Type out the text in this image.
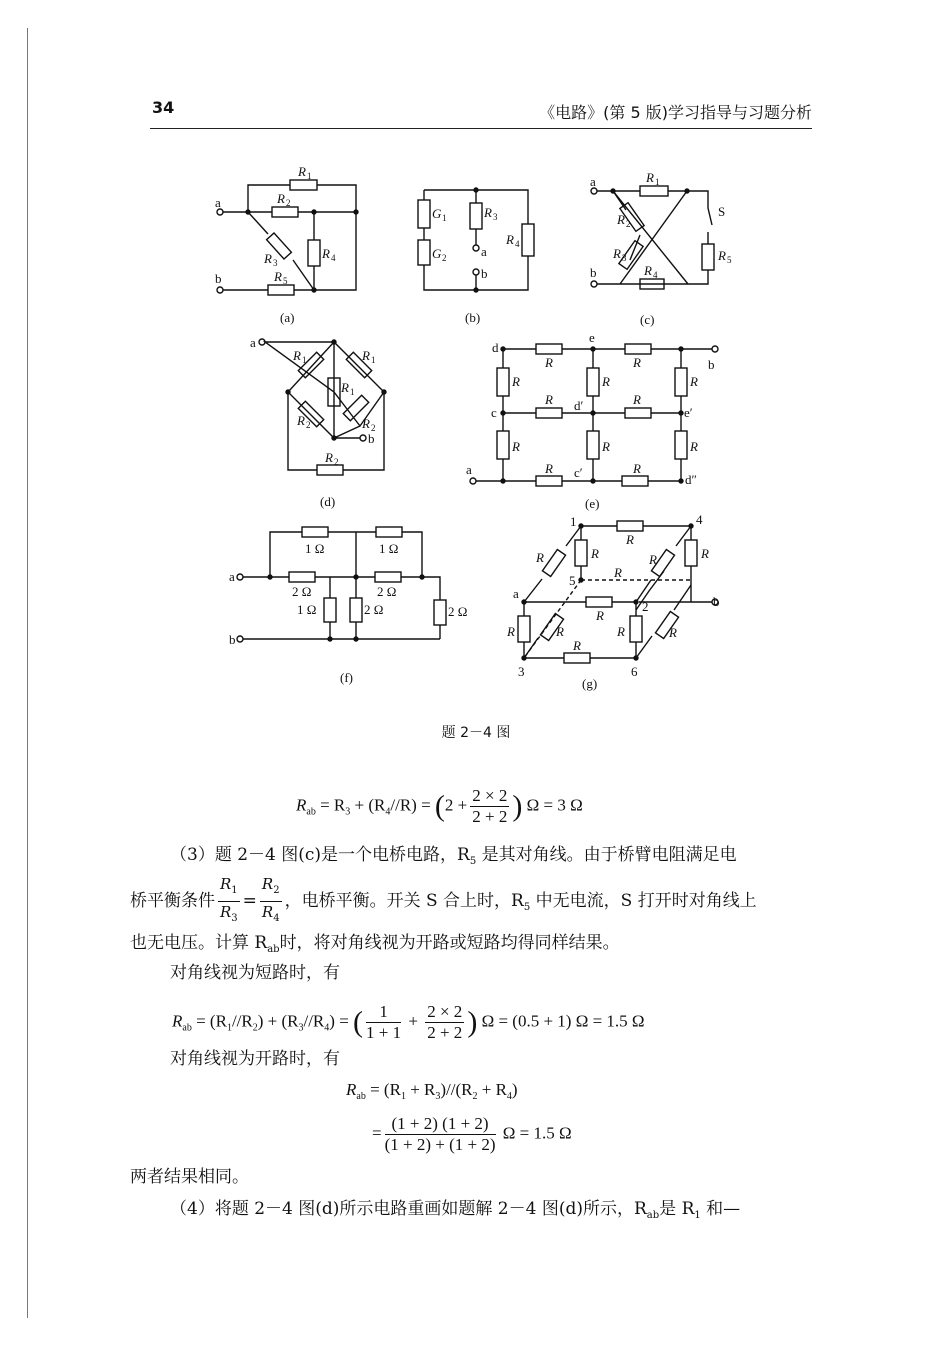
34	《电路》(第 5 版)学习指导与习题分析
a
b
R 1
R 2
R 3
R 4
R 5
(a)
G 1
G 2
R 3
R 4
a
b
(b)
a
b
R 1
R 2
R 3
R 4
R 5
S
(c)
a
R 1	R 1
R 1
R 2	R 2
R 2
b
(d)
d
e
c	d′	e′
c′	d″
b
a
R	R
R	R
R	R
R
R
R
R
R
R
(e)
a
b
1 Ω	1 Ω
2 Ω	2 Ω
1 Ω	2 Ω	2 Ω
(f)
1	4
5
2
3	6
a
b
R
R	R	R	R
R
R
R	R	R	R
R
(g)
题 2－4 图
$R_{ab} = R_3 + (R_4//R) = (2 + \frac{2 \times 2}{2 + 2}$ ) Ω = 3 Ω
（3）题 2－4 图(c)是一个电桥电路，$R_5$ 是其对角线。由于桥臂电阻满足电
桥平衡条件 $\frac{R_1}{R_3} = \frac{R_2}{R_4}$ ，电桥平衡。开关 S 合上时，$R_5$ 中无电流，S 打开时对角线上
也无电压。计算 $R_{ab}$时，将对角线视为开路或短路均得同样结果。
对角线视为短路时，有
$R_{ab} = (R_1//R_2) + (R_3//R_4)$ = ( $\frac{1}{1 + 1} + \frac{2 \times 2}{2 + 2}$ ) Ω = (0.5 + 1) Ω = 1.5 Ω
对角线视为开路时，有
$R_{ab} = (R_1 + R_3)//(R_2 + R_4)$
= $\frac{(1 + 2) (1 + 2)}{(1 + 2) + (1 + 2)}$ Ω = 1.5 Ω
两者结果相同。
（4）将题 2－4 图(d)所示电路重画如题解 2－4 图(d)所示，$R_{ab}$是 $R_1$ 和—
